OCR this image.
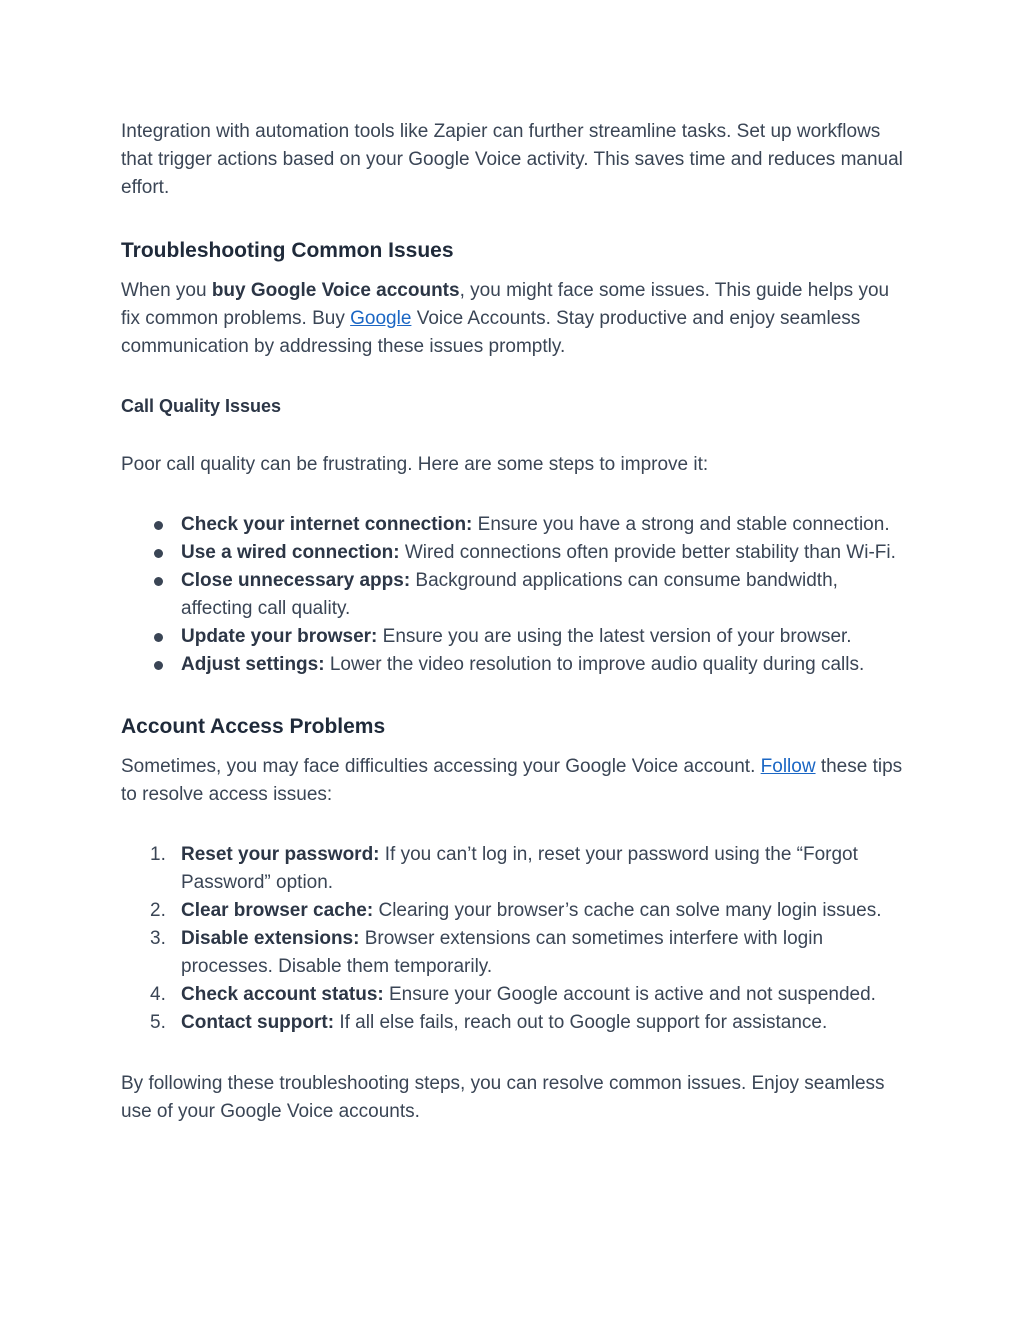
Integration with automation tools like Zapier can further streamline tasks. Set up workflows that trigger actions based on your Google Voice activity. This saves time and reduces manual effort.

Troubleshooting Common Issues

When you buy Google Voice accounts, you might face some issues. This guide helps you fix common problems. Buy Google Voice Accounts. Stay productive and enjoy seamless communication by addressing these issues promptly.

Call Quality Issues

Poor call quality can be frustrating. Here are some steps to improve it:

Check your internet connection: Ensure you have a strong and stable connection.
Use a wired connection: Wired connections often provide better stability than Wi-Fi.
Close unnecessary apps: Background applications can consume bandwidth, affecting call quality.
Update your browser: Ensure you are using the latest version of your browser.
Adjust settings: Lower the video resolution to improve audio quality during calls.
Account Access Problems

Sometimes, you may face difficulties accessing your Google Voice account. Follow these tips to resolve access issues:

1. Reset your password: If you can’t log in, reset your password using the “Forgot Password” option.
2. Clear browser cache: Clearing your browser’s cache can solve many login issues.
3. Disable extensions: Browser extensions can sometimes interfere with login processes. Disable them temporarily.
4. Check account status: Ensure your Google account is active and not suspended.
5. Contact support: If all else fails, reach out to Google support for assistance.

By following these troubleshooting steps, you can resolve common issues. Enjoy seamless use of your Google Voice accounts.
